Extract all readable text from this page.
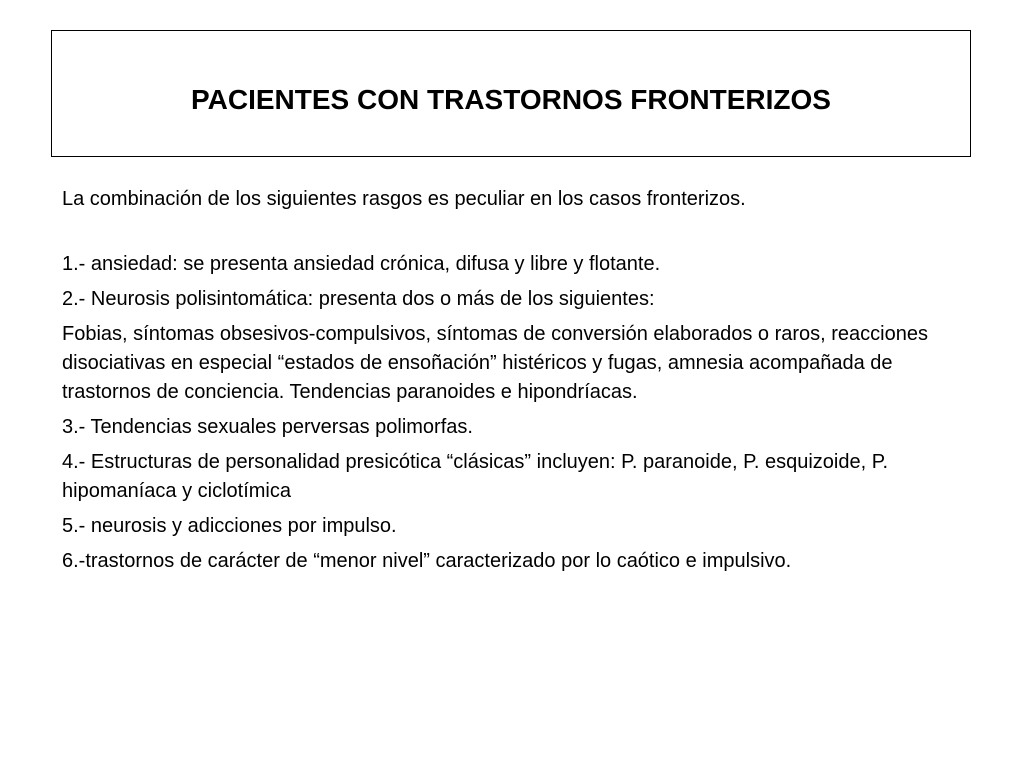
PACIENTES CON TRASTORNOS FRONTERIZOS

La combinación de los siguientes rasgos es peculiar en los casos fronterizos.

1.- ansiedad: se presenta ansiedad crónica, difusa y libre y flotante.

2.- Neurosis polisintomática: presenta dos o más de los siguientes:

Fobias, síntomas obsesivos-compulsivos, síntomas de conversión elaborados o raros, reacciones disociativas en especial “estados de ensoñación” histéricos y fugas, amnesia acompañada de trastornos de conciencia. Tendencias paranoides e hipondríacas.

3.- Tendencias sexuales perversas polimorfas.

4.- Estructuras de personalidad presicótica “clásicas” incluyen: P. paranoide, P. esquizoide, P. hipomaníaca y ciclotímica

5.- neurosis y adicciones por impulso.

6.-trastornos de carácter de “menor nivel” caracterizado por lo caótico e impulsivo.
